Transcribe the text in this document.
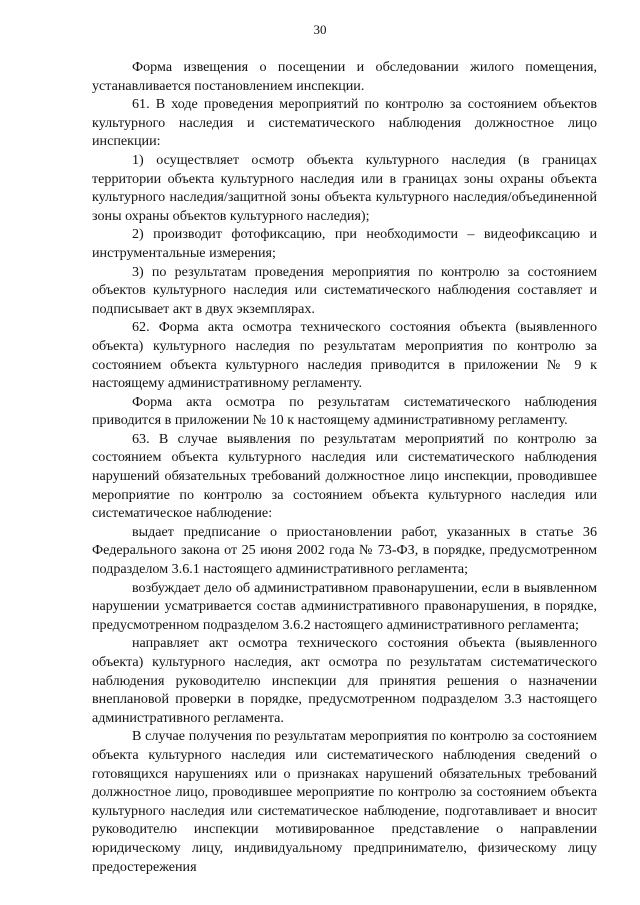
30

Форма извещения о посещении и обследовании жилого помещения, устанавливается постановлением инспекции.

61. В ходе проведения мероприятий по контролю за состоянием объектов культурного наследия и систематического наблюдения должностное лицо инспекции:

1) осуществляет осмотр объекта культурного наследия (в границах территории объекта культурного наследия или в границах зоны охраны объекта культурного наследия/защитной зоны объекта культурного наследия/объединенной зоны охраны объектов культурного наследия);

2) производит фотофиксацию, при необходимости – видеофиксацию и инструментальные измерения;

3) по результатам проведения мероприятия по контролю за состоянием объектов культурного наследия или систематического наблюдения составляет и подписывает акт в двух экземплярах.

62. Форма акта осмотра технического состояния объекта (выявленного объекта) культурного наследия по результатам мероприятия по контролю за состоянием объекта культурного наследия приводится в приложении № 9 к настоящему административному регламенту.

Форма акта осмотра по результатам систематического наблюдения приводится в приложении № 10 к настоящему административному регламенту.

63. В случае выявления по результатам мероприятий по контролю за состоянием объекта культурного наследия или систематического наблюдения нарушений обязательных требований должностное лицо инспекции, проводившее мероприятие по контролю за состоянием объекта культурного наследия или систематическое наблюдение:

выдает предписание о приостановлении работ, указанных в статье 36 Федерального закона от 25 июня 2002 года № 73-ФЗ, в порядке, предусмотренном подразделом 3.6.1 настоящего административного регламента;

возбуждает дело об административном правонарушении, если в выявленном нарушении усматривается состав административного правонарушения, в порядке, предусмотренном подразделом 3.6.2 настоящего административного регламента;

направляет акт осмотра технического состояния объекта (выявленного объекта) культурного наследия, акт осмотра по результатам систематического наблюдения руководителю инспекции для принятия решения о назначении внеплановой проверки в порядке, предусмотренном подразделом 3.3 настоящего административного регламента.

В случае получения по результатам мероприятия по контролю за состоянием объекта культурного наследия или систематического наблюдения сведений о готовящихся нарушениях или о признаках нарушений обязательных требований должностное лицо, проводившее мероприятие по контролю за состоянием объекта культурного наследия или систематическое наблюдение, подготавливает и вносит руководителю инспекции мотивированное представление о направлении юридическому лицу, индивидуальному предпринимателю, физическому лицу предостережения
